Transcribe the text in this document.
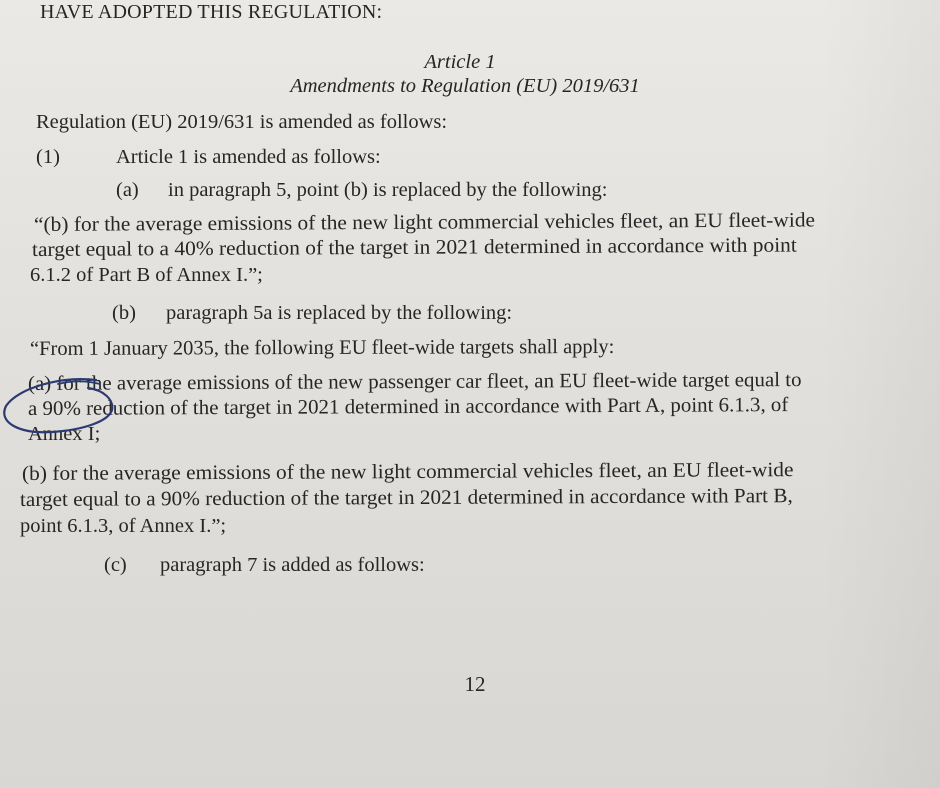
HAVE ADOPTED THIS REGULATION:
Article 1
Amendments to Regulation (EU) 2019/631
Regulation (EU) 2019/631 is amended as follows:
(1)	Article 1 is amended as follows:
(a) in paragraph 5, point (b) is replaced by the following:
“(b) for the average emissions of the new light commercial vehicles fleet, an EU fleet-wide
target equal to a 40% reduction of the target in 2021 determined in accordance with point
6.1.2 of Part B of Annex I.”;
(b) paragraph 5a is replaced by the following:
“From 1 January 2035, the following EU fleet-wide targets shall apply:
(a) for the average emissions of the new passenger car fleet, an EU fleet-wide target equal to
a 90% reduction of the target in 2021 determined in accordance with Part A, point 6.1.3, of
Annex I;
(b) for the average emissions of the new light commercial vehicles fleet, an EU fleet-wide
target equal to a 90% reduction of the target in 2021 determined in accordance with Part B,
point 6.1.3, of Annex I.”;
(c) paragraph 7 is added as follows:
12
